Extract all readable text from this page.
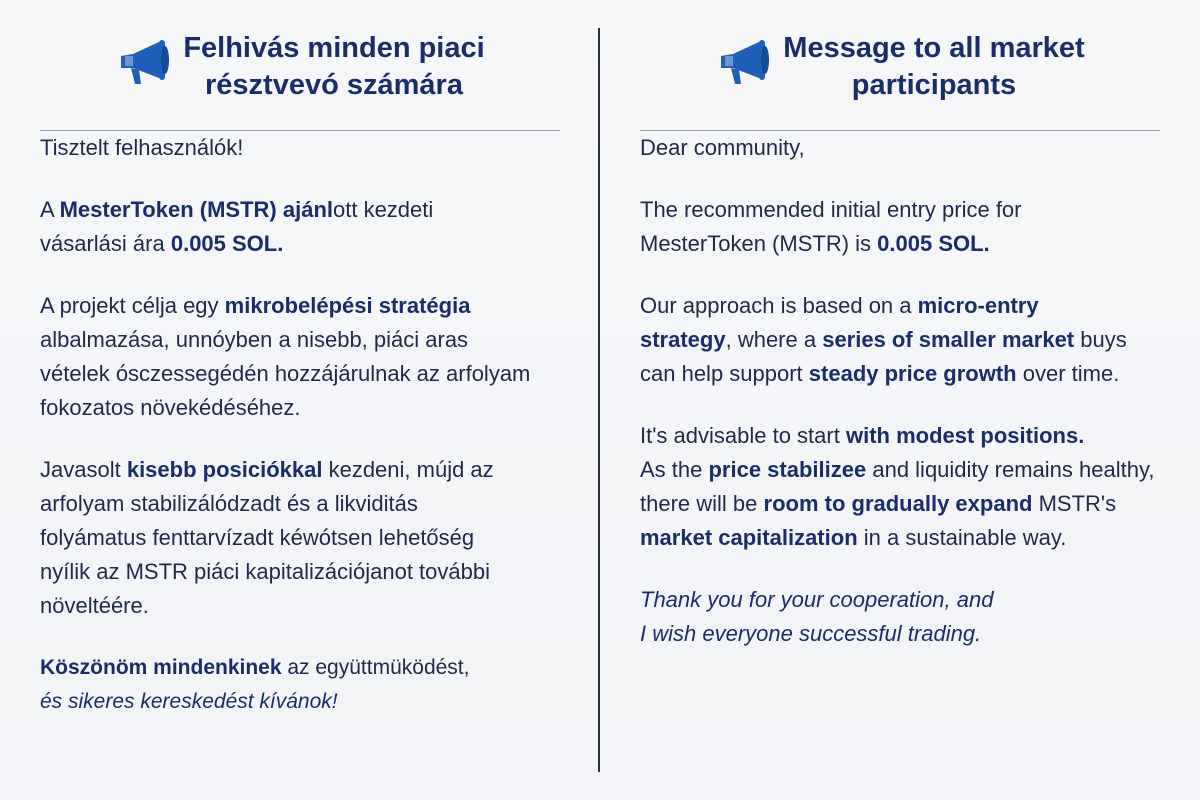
Felhivás minden piaci
résztvevó számára

Tisztelt felhasználók!

A MesterToken (MSTR) ajánlott kezdeti
vásarlási ára 0.005 SOL.

A projekt célja egy mikrobelépési stratégia
albalmazása, unnóyben a nisebb, piáci aras
vételek ósczessegédén hozzájárulnak az arfolyam
fokozatos növekédéséhez.

Javasolt kisebb posiciókkal kezdeni, mújd az
arfolyam stabilizálódzadt és a likviditás
folyámatus fenttarvízadt kéwótsen lehetőség
nyílik az MSTR piáci kapitalizációjanot további
növeltéére.

Köszönöm mindenkinek az együttmüködést,
és sikeres kereskedést kívánok!

Message to all market
participants

Dear community,

The recommended initial entry price for
MesterToken (MSTR) is 0.005 SOL.

Our approach is based on a micro-entry
strategy, where a series of smaller market buys
can help support steady price growth over time.

It's advisable to start with modest positions.
As the price stabilizee and liquidity remains healthy,
there will be room to gradually expand MSTR's
market capitalization in a sustainable way.

Thank you for your cooperation, and
I wish everyone successful trading.
